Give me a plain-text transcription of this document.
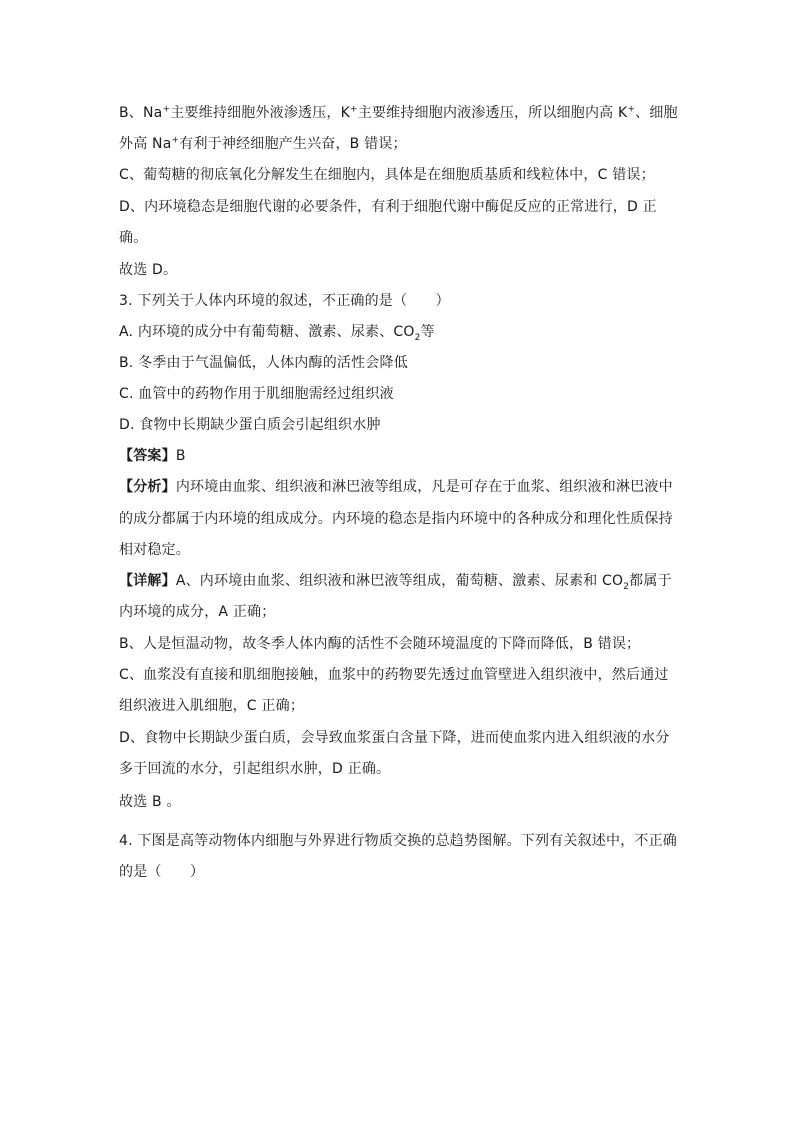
B、Na+主要维持细胞外液渗透压，K+主要维持细胞内液渗透压，所以细胞内高 K+、细胞
外高 Na+有利于神经细胞产生兴奋，B 错误；
C、葡萄糖的彻底氧化分解发生在细胞内，具体是在细胞质基质和线粒体中，C 错误；
D、内环境稳态是细胞代谢的必要条件，有利于细胞代谢中酶促反应的正常进行，D 正
确。
故选 D。
3. 下列关于人体内环境的叙述，不正确的是（　　）
A. 内环境的成分中有葡萄糖、激素、尿素、$CO_2$等
B. 冬季由于气温偏低，人体内酶的活性会降低
C. 血管中的药物作用于肌细胞需经过组织液
D. 食物中长期缺少蛋白质会引起组织水肿
【答案】B
【分析】内环境由血浆、组织液和淋巴液等组成，凡是可存在于血浆、组织液和淋巴液中
的成分都属于内环境的组成成分。内环境的稳态是指内环境中的各种成分和理化性质保持
相对稳定。
【详解】A、内环境由血浆、组织液和淋巴液等组成，葡萄糖、激素、尿素和 $CO_2$都属于
内环境的成分，A 正确；
B、人是恒温动物，故冬季人体内酶的活性不会随环境温度的下降而降低，B 错误；
C、血浆没有直接和肌细胞接触，血浆中的药物要先透过血管壁进入组织液中，然后通过
组织液进入肌细胞，C 正确；
D、食物中长期缺少蛋白质，会导致血浆蛋白含量下降，进而使血浆内进入组织液的水分
多于回流的水分，引起组织水肿，D 正确。
故选 B 。
4. 下图是高等动物体内细胞与外界进行物质交换的总趋势图解。下列有关叙述中，不正确
的是（　　）
